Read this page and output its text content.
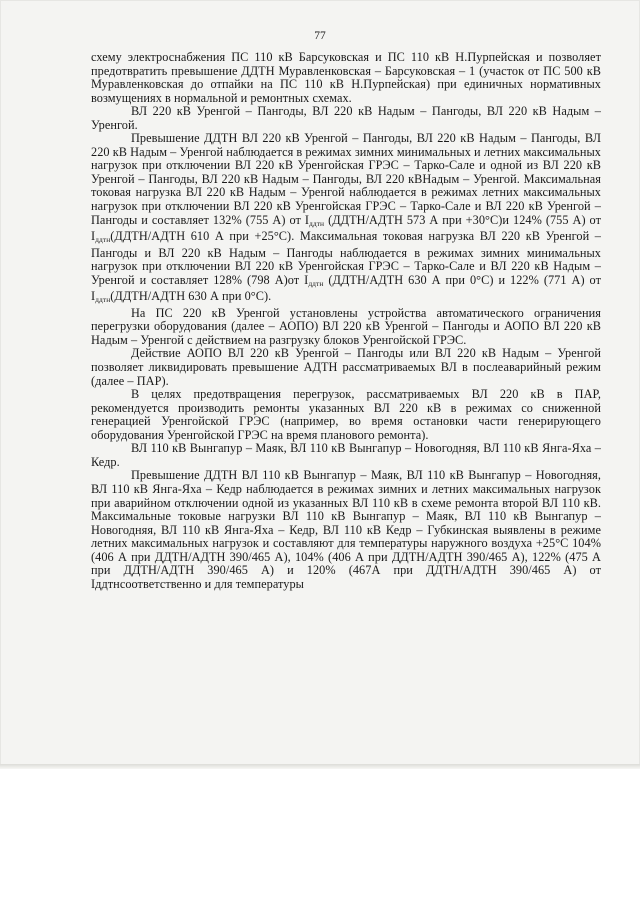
77

схему электроснабжения ПС 110 кВ Барсуковская и ПС 110 кВ Н.Пурпейская и позволяет предотвратить превышение ДДТН Муравленковская – Барсуковская – 1 (участок от ПС 500 кВ Муравленковская до отпайки на ПС 110 кВ Н.Пурпейская) при единичных нормативных возмущениях в нормальной и ремонтных схемах.

ВЛ 220 кВ Уренгой – Пангоды, ВЛ 220 кВ Надым – Пангоды, ВЛ 220 кВ Надым – Уренгой.

Превышение ДДТН ВЛ 220 кВ Уренгой – Пангоды, ВЛ 220 кВ Надым – Пангоды, ВЛ 220 кВ Надым – Уренгой наблюдается в режимах зимних минимальных и летних максимальных нагрузок при отключении ВЛ 220 кВ Уренгойская ГРЭС – Тарко-Сале и одной из ВЛ 220 кВ Уренгой – Пангоды, ВЛ 220 кВ Надым – Пангоды, ВЛ 220 кВНадым – Уренгой. Максимальная токовая нагрузка ВЛ 220 кВ Надым – Уренгой наблюдается в режимах летних максимальных нагрузок при отключении ВЛ 220 кВ Уренгойская ГРЭС – Тарко-Сале и ВЛ 220 кВ Уренгой – Пангоды и составляет 132% (755 А) от $I_{ддтн}$ (ДДТН/АДТН 573 А при +30°С)и 124% (755 А) от $I_{ддтн}(ДДТН$/АДТН 610 А при +25°С). Максимальная токовая нагрузка ВЛ 220 кВ Уренгой – Пангоды и ВЛ 220 кВ Надым – Пангоды наблюдается в режимах зимних минимальных нагрузок при отключении ВЛ 220 кВ Уренгойская ГРЭС – Тарко-Сале и ВЛ 220 кВ Надым – Уренгой и составляет 128% (798 А)от $I_{ддтн}$ (ДДТН/АДТН 630 А при 0°С) и 122% (771 А) от $I_{ддтн}(ДДТН$/АДТН 630 А при 0°С).

На ПС 220 кВ Уренгой установлены устройства автоматического ограничения перегрузки оборудования (далее – АОПО) ВЛ 220 кВ Уренгой – Пангоды и АОПО ВЛ 220 кВ Надым – Уренгой с действием на разгрузку блоков Уренгойской ГРЭС.

Действие АОПО ВЛ 220 кВ Уренгой – Пангоды или ВЛ 220 кВ Надым – Уренгой позволяет ликвидировать превышение АДТН рассматриваемых ВЛ в послеаварийный режим (далее – ПАР).

В целях предотвращения перегрузок, рассматриваемых ВЛ 220 кВ в ПАР, рекомендуется производить ремонты указанных ВЛ 220 кВ в режимах со сниженной генерацией Уренгойской ГРЭС (например, во время остановки части генерирующего оборудования Уренгойской ГРЭС на время планового ремонта).

ВЛ 110 кВ Вынгапур – Маяк, ВЛ 110 кВ Вынгапур – Новогодняя, ВЛ 110 кВ Янга-Яха – Кедр.

Превышение ДДТН ВЛ 110 кВ Вынгапур – Маяк, ВЛ 110 кВ Вынгапур – Новогодняя, ВЛ 110 кВ Янга-Яха – Кедр наблюдается в режимах зимних и летних максимальных нагрузок при аварийном отключении одной из указанных ВЛ 110 кВ в схеме ремонта второй ВЛ 110 кВ. Максимальные токовые нагрузки ВЛ 110 кВ Вынгапур – Маяк, ВЛ 110 кВ Вынгапур – Новогодняя, ВЛ 110 кВ Янга-Яха – Кедр, ВЛ 110 кВ Кедр – Губкинская выявлены в режиме летних максимальных нагрузок и составляют для температуры наружного воздуха +25°С 104% (406 А при ДДТН/АДТН 390/465 А), 104% (406 А при ДДТН/АДТН 390/465 А), 122% (475 А при ДДТН/АДТН 390/465 А) и 120% (467А при ДДТН/АДТН 390/465 А) от Iддтнсоответственно и для температуры
